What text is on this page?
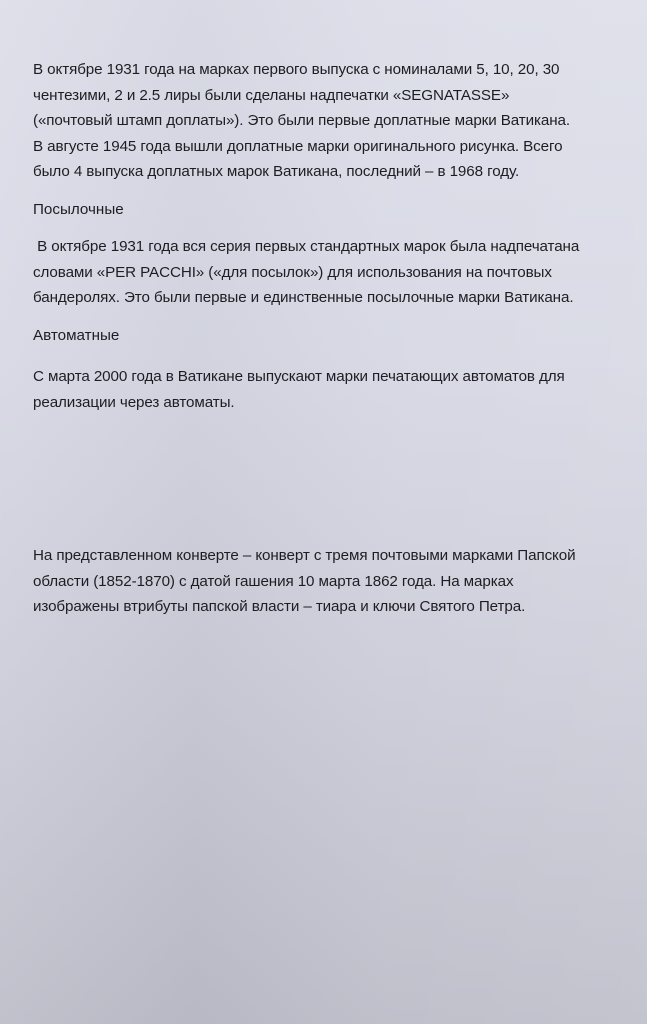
В октябре 1931 года на марках первого выпуска с номиналами 5, 10, 20, 30

чентезими, 2 и 2.5 лиры были сделаны надпечатки «SEGNATASSE»

(«почтовый штамп доплаты»). Это были первые доплатные марки Ватикана.

В августе 1945 года вышли доплатные марки оригинального рисунка. Всего

было 4 выпуска доплатных марок Ватикана, последний – в 1968 году.

Посылочные

В октябре 1931 года вся серия первых стандартных марок была надпечатана

словами «PER PACCHI» («для посылок») для использования на почтовых

бандеролях. Это были первые и единственные посылочные марки Ватикана.

Автоматные

С марта 2000 года в Ватикане выпускают марки печатающих автоматов для

реализации через автоматы.

На представленном конверте – конверт с тремя почтовыми марками Папской

области (1852-1870) с датой гашения 10 марта 1862 года. На марках

изображены втрибуты папской власти – тиара и ключи Святого Петра.
